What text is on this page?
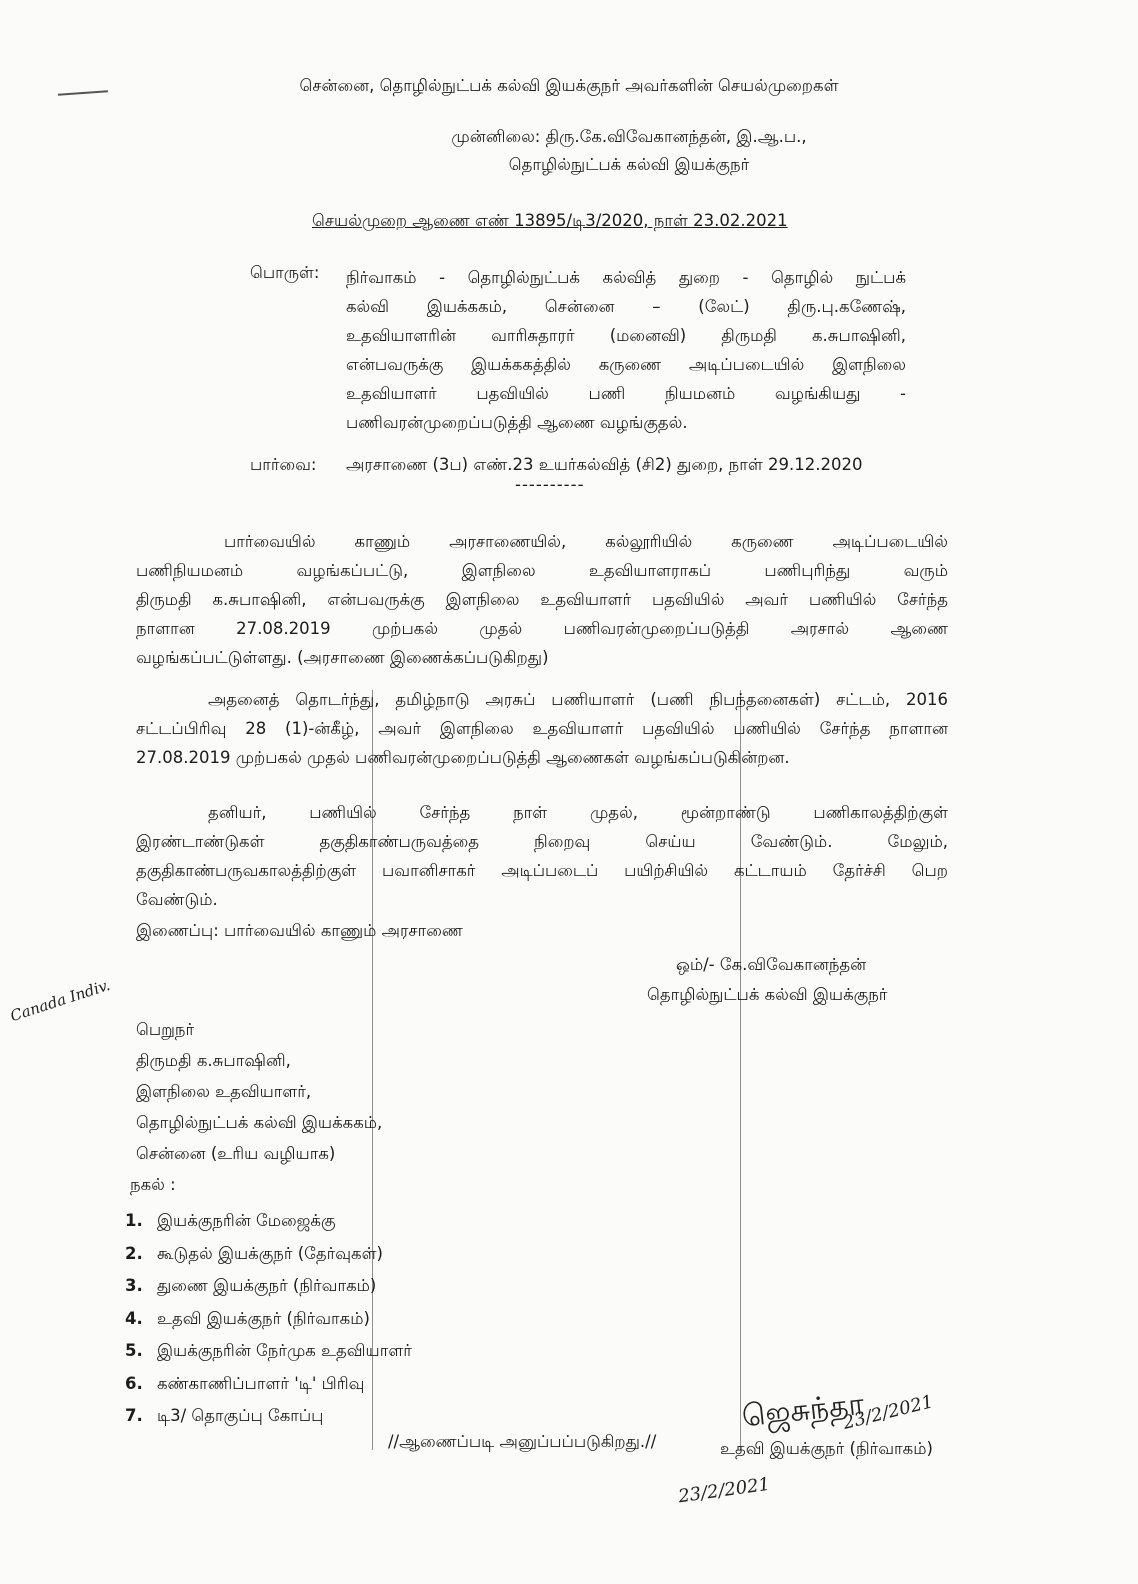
சென்னை, தொழில்நுட்பக் கல்வி இயக்குநர் அவர்களின் செயல்முறைகள்
முன்னிலை: திரு.கே.விவேகானந்தன், இ.ஆ.ப.,
தொழில்நுட்பக் கல்வி இயக்குநர்
செயல்முறை ஆணை எண் 13895/டி3/2020, நாள் 23.02.2021
பொருள்: நிர்வாகம் - தொழில்நுட்பக் கல்வித் துறை - தொழில் நுட்பக்
கல்வி இயக்ககம், சென்னை – (லேட்) திரு.பு.கணேஷ்,
உதவியாளரின் வாரிசுதாரர் (மனைவி) திருமதி க.சுபாஷினி,
என்பவருக்கு இயக்ககத்தில் கருணை அடிப்படையில் இளநிலை
உதவியாளர் பதவியில் பணி நியமனம் வழங்கியது -
பணிவரன்முறைப்படுத்தி ஆணை வழங்குதல்.
பார்வை: அரசாணை (3ப) எண்.23 உயர்கல்வித் (சி2) துறை, நாள் 29.12.2020
----------
பார்வையில் காணும் அரசாணையில், கல்லூரியில் கருணை அடிப்படையில்
பணிநியமனம் வழங்கப்பட்டு, இளநிலை உதவியாளராகப் பணிபுரிந்து வரும்
திருமதி க.சுபாஷினி, என்பவருக்கு இளநிலை உதவியாளர் பதவியில் அவர் பணியில் சேர்ந்த
நாளான 27.08.2019 முற்பகல் முதல் பணிவரன்முறைப்படுத்தி அரசால் ஆணை
வழங்கப்பட்டுள்ளது. (அரசாணை இணைக்கப்படுகிறது)
அதனைத் தொடர்ந்து, தமிழ்நாடு அரசுப் பணியாளர் (பணி நிபந்தனைகள்) சட்டம், 2016
சட்டப்பிரிவு 28 (1)-ன்கீழ், அவர் இளநிலை உதவியாளர் பதவியில் பணியில் சேர்ந்த நாளான
27.08.2019 முற்பகல் முதல் பணிவரன்முறைப்படுத்தி ஆணைகள் வழங்கப்படுகின்றன.
தனியர், பணியில் சேர்ந்த நாள் முதல், மூன்றாண்டு பணிகாலத்திற்குள்
இரண்டாண்டுகள் தகுதிகாண்பருவத்தை நிறைவு செய்ய வேண்டும். மேலும்,
தகுதிகாண்பருவகாலத்திற்குள் பவானிசாகர் அடிப்படைப் பயிற்சியில் கட்டாயம் தேர்ச்சி பெற
வேண்டும்.
இணைப்பு: பார்வையில் காணும் அரசாணை
ஒம்/- கே.விவேகானந்தன்
தொழில்நுட்பக் கல்வி இயக்குநர்
Canada Indiv.
பெறுநர்
திருமதி க.சுபாஷினி,
இளநிலை உதவியாளர்,
தொழில்நுட்பக் கல்வி இயக்ககம்,
சென்னை (உரிய வழியாக)
நகல் :
1. இயக்குநரின் மேஜைக்கு
2. கூடுதல் இயக்குநர் (தேர்வுகள்)
3. துணை இயக்குநர் (நிர்வாகம்)
4. உதவி இயக்குநர் (நிர்வாகம்)
5. இயக்குநரின் நேர்முக உதவியாளர்
6. கண்காணிப்பாளர் 'டி' பிரிவு
7. டி3/ தொகுப்பு கோப்பு
//ஆணைப்படி அனுப்பப்படுகிறது.//
ஜெசுந்தா
23/2/2021
உதவி இயக்குநர் (நிர்வாகம்)
23/2/2021
